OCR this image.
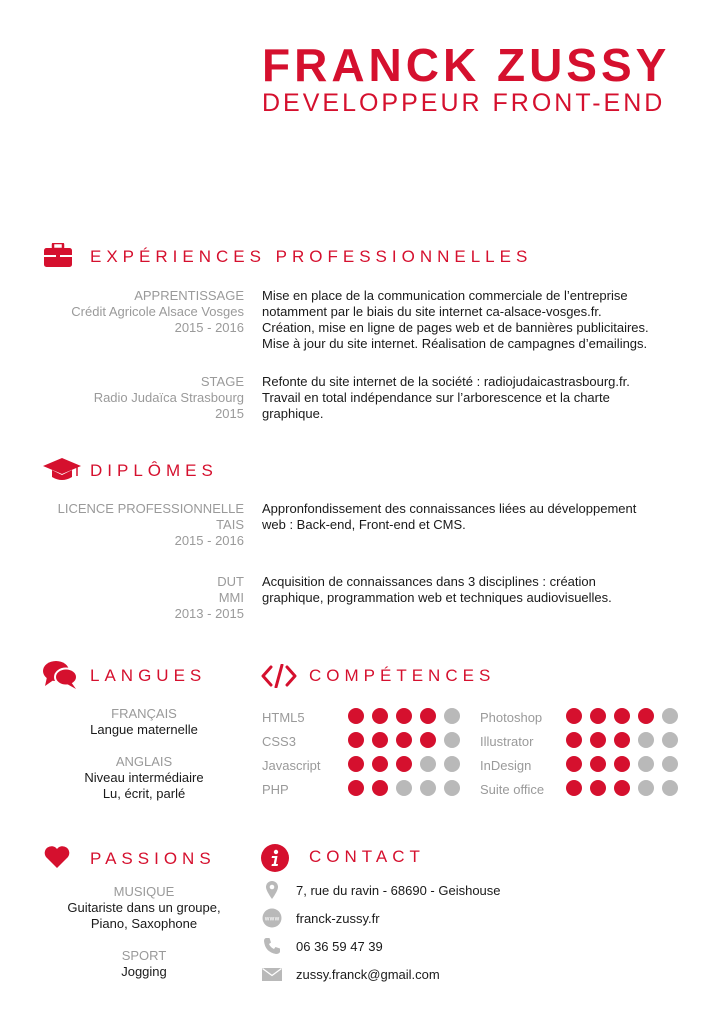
FRANCK ZUSSY
DEVELOPPEUR FRONT-END
EXPÉRIENCES PROFESSIONNELLES
APPRENTISSAGE
Crédit Agricole Alsace Vosges
2015 - 2016
Mise en place de la communication commerciale de l’entreprise
notamment par le biais du site internet ca-alsace-vosges.fr.
Création, mise en ligne de pages web et de bannières publicitaires.
Mise à jour du site internet. Réalisation de campagnes d’emailings.
STAGE
Radio Judaïca Strasbourg
2015
Refonte du site internet de la société : radiojudaicastrasbourg.fr.
Travail en total indépendance sur l’arborescence et la charte
graphique.
DIPLÔMES
LICENCE PROFESSIONNELLE
TAIS
2015 - 2016
Appronfondissement des connaissances liées au développement
web : Back-end, Front-end et CMS.
DUT
MMI
2013 - 2015
Acquisition de connaissances dans 3 disciplines : création
graphique, programmation web et techniques audiovisuelles.
LANGUES
FRANÇAIS
Langue maternelle
ANGLAIS
Niveau intermédiaire
Lu, écrit, parlé
COMPÉTENCES
HTML5
CSS3
Javascript
PHP
Photoshop
Illustrator
InDesign
Suite office
PASSIONS
MUSIQUE
Guitariste dans un groupe,
Piano, Saxophone
SPORT
Jogging
CONTACT
7, rue du ravin - 68690 - Geishouse
www franck-zussy.fr
06 36 59 47 39
zussy.franck@gmail.com
